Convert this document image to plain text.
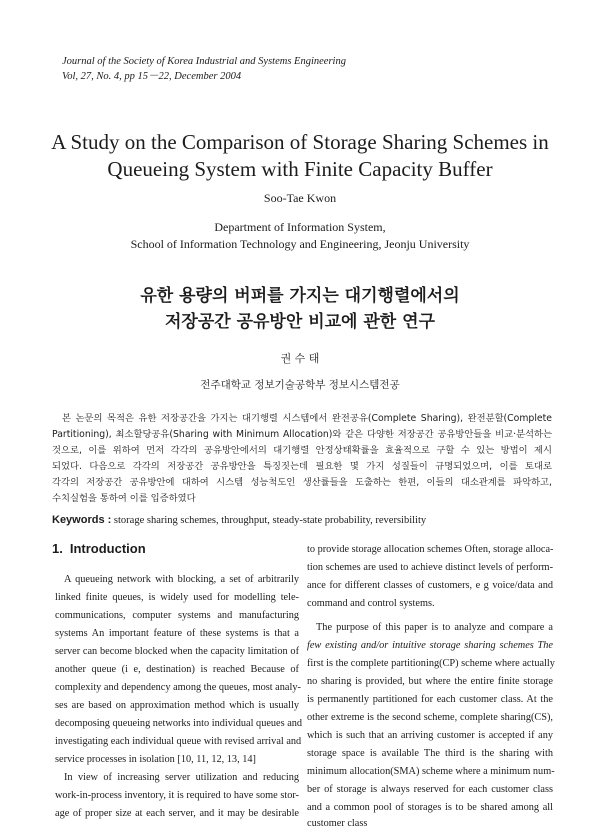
Journal of the Society of Korea Industrial and Systems Engineering
Vol, 27, No. 4, pp 15－22, December 2004
A Study on the Comparison of Storage Sharing Schemes in
Queueing System with Finite Capacity Buffer
Soo-Tae Kwon
Department of Information System,
School of Information Technology and Engineering, Jeonju University
유한 용량의 버퍼를 가지는 대기행렬에서의
저장공간 공유방안 비교에 관한 연구
권 수 태
전주대학교 정보기술공학부 정보시스템전공
본 논문의 목적은 유한 저장공간을 가지는 대기행렬 시스템에서 완전공유(Complete Sharing), 완전분할(Complete
Partitioning), 최소할당공유(Sharing with Minimum Allocation)와 같은 다양한 저장공간 공유방안들을 비교·분석하는
것으로, 이를 위하여 먼저 각각의 공유방안에서의 대기행렬 안정상태확률을 효율적으로 구할 수 있는 방법이 제시
되었다. 다음으로 각각의 저장공간 공유방안을 특징짓는데 필요한 몇 가지 성질들이 규명되었으며, 이를 토대로
각각의 저장공간 공유방안에 대하여 시스템 성능척도인 생산률들을 도출하는 한편, 이들의 대소관계를 파악하고,
수치실험을 통하여 이를 입증하였다
Keywords : storage sharing schemes, throughput, steady-state probability, reversibility
1. Introduction
A queueing network with blocking, a set of arbitrarily
linked finite queues, is widely used for modelling tele-
communications, computer systems and manufacturing
systems An important feature of these systems is that a
server can become blocked when the capacity limitation of
another queue (i e, destination) is reached Because of
complexity and dependency among the queues, most analy-
ses are based on approximation method which is usually
decomposing queueing networks into individual queues and
investigating each individual queue with revised arrival and
service processes in isolation [10, 11, 12, 13, 14]
In view of increasing server utilization and reducing
work-in-process inventory, it is required to have some stor-
age of proper size at each server, and it may be desirable
to provide storage allocation schemes Often, storage alloca-
tion schemes are used to achieve distinct levels of perform-
ance for different classes of customers, e g voice/data and
command and control systems.
The purpose of this paper is to analyze and compare a
few existing and/or intuitive storage sharing schemes The
first is the complete partitioning(CP) scheme where actually
no sharing is provided, but where the entire finite storage
is permanently partitioned for each customer class. At the
other extreme is the second scheme, complete sharing(CS),
which is such that an arriving customer is accepted if any
storage space is available The third is the sharing with
minimum allocation(SMA) scheme where a minimum num-
ber of storage is always reserved for each customer class
and a common pool of storages is to be shared among all
customer class
